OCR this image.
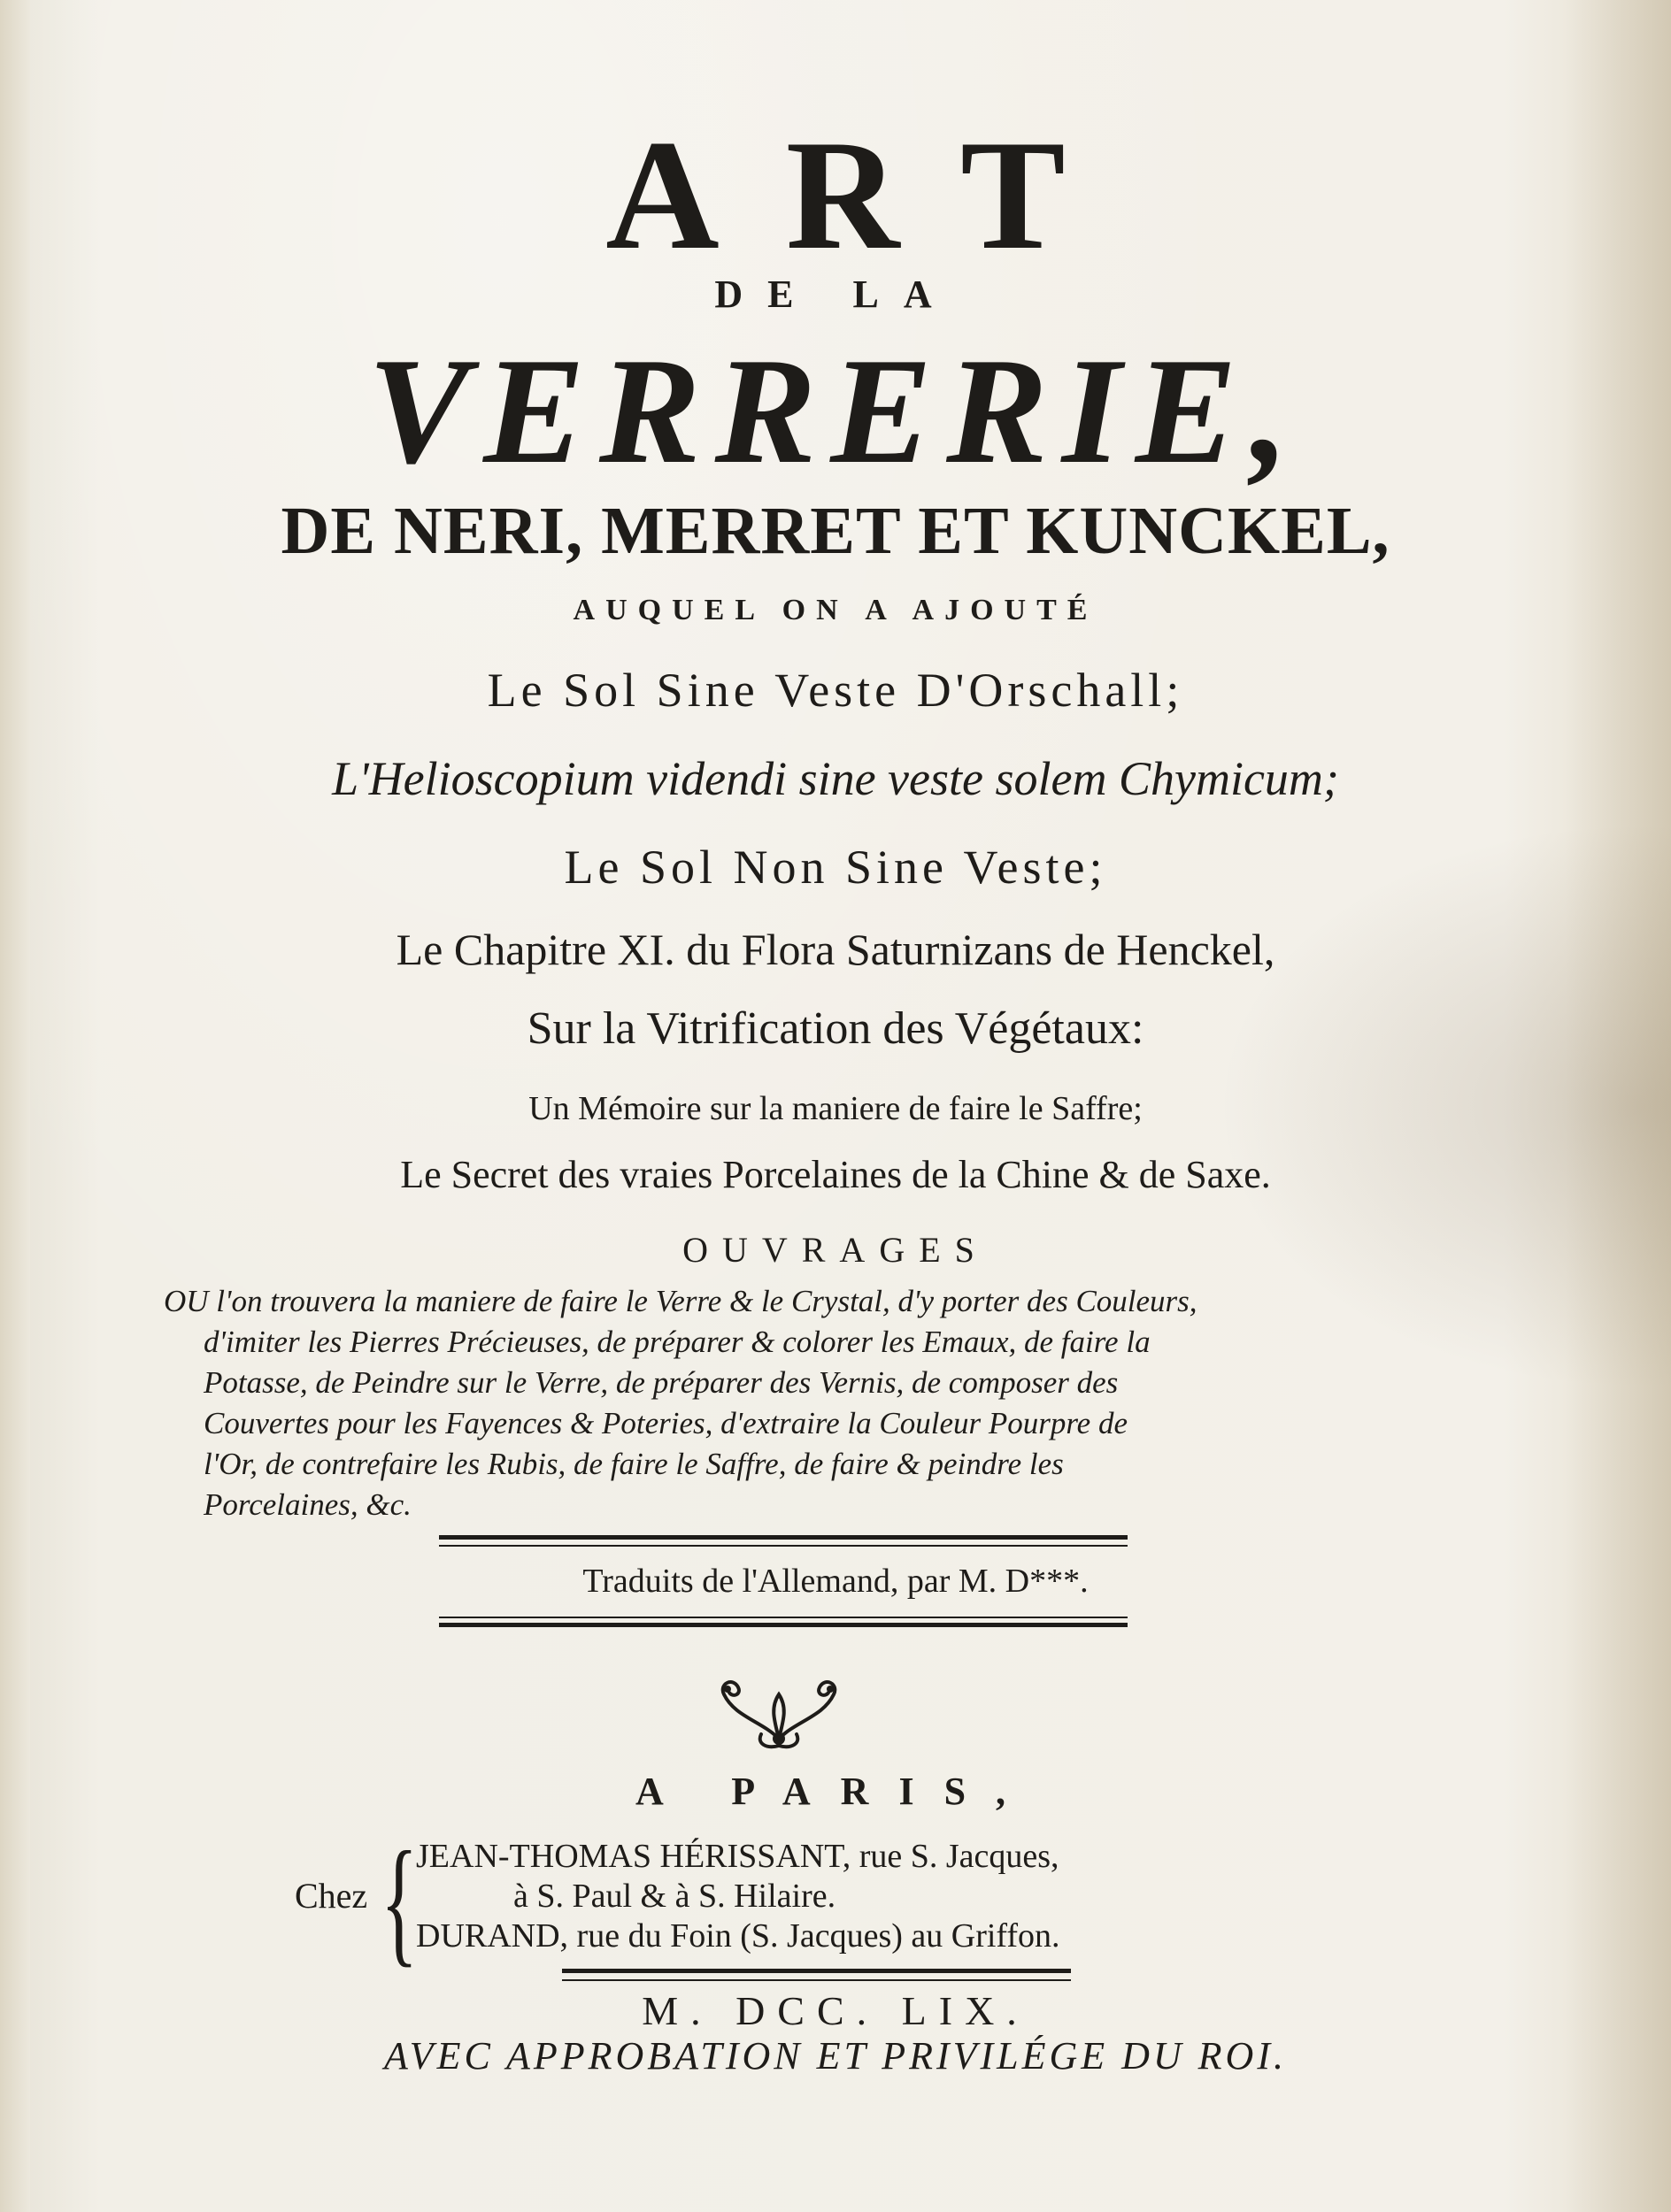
ART
DE LA
VERRERIE,
DE NERI, MERRET ET KUNCKEL,
AUQUEL ON A AJOUTÉ
Le Sol Sine Veste D'Orschall;
L'Helioscopium videndi sine veste solem Chymicum;
Le Sol Non Sine Veste;
Le Chapitre XI. du Flora Saturnizans de Henckel,
Sur la Vitrification des Végétaux:
Un Mémoire sur la maniere de faire le Saffre;
Le Secret des vraies Porcelaines de la Chine & de Saxe.
OUVRAGES
OU l'on trouvera la maniere de faire le Verre & le Crystal, d'y porter des Couleurs,
d'imiter les Pierres Précieuses, de préparer & colorer les Emaux, de faire la
Potasse, de Peindre sur le Verre, de préparer des Vernis, de composer des
Couvertes pour les Fayences & Poteries, d'extraire la Couleur Pourpre de
l'Or, de contrefaire les Rubis, de faire le Saffre, de faire & peindre les
Porcelaines, &c.
Traduits de l'Allemand, par M. D***.
A PARIS,
Chez {
JEAN-THOMAS HÉRISSANT, rue S. Jacques,
à S. Paul & à S. Hilaire.
DURAND, rue du Foin (S. Jacques) au Griffon.
M. DCC. LIX.
AVEC APPROBATION ET PRIVILÉGE DU ROI.
